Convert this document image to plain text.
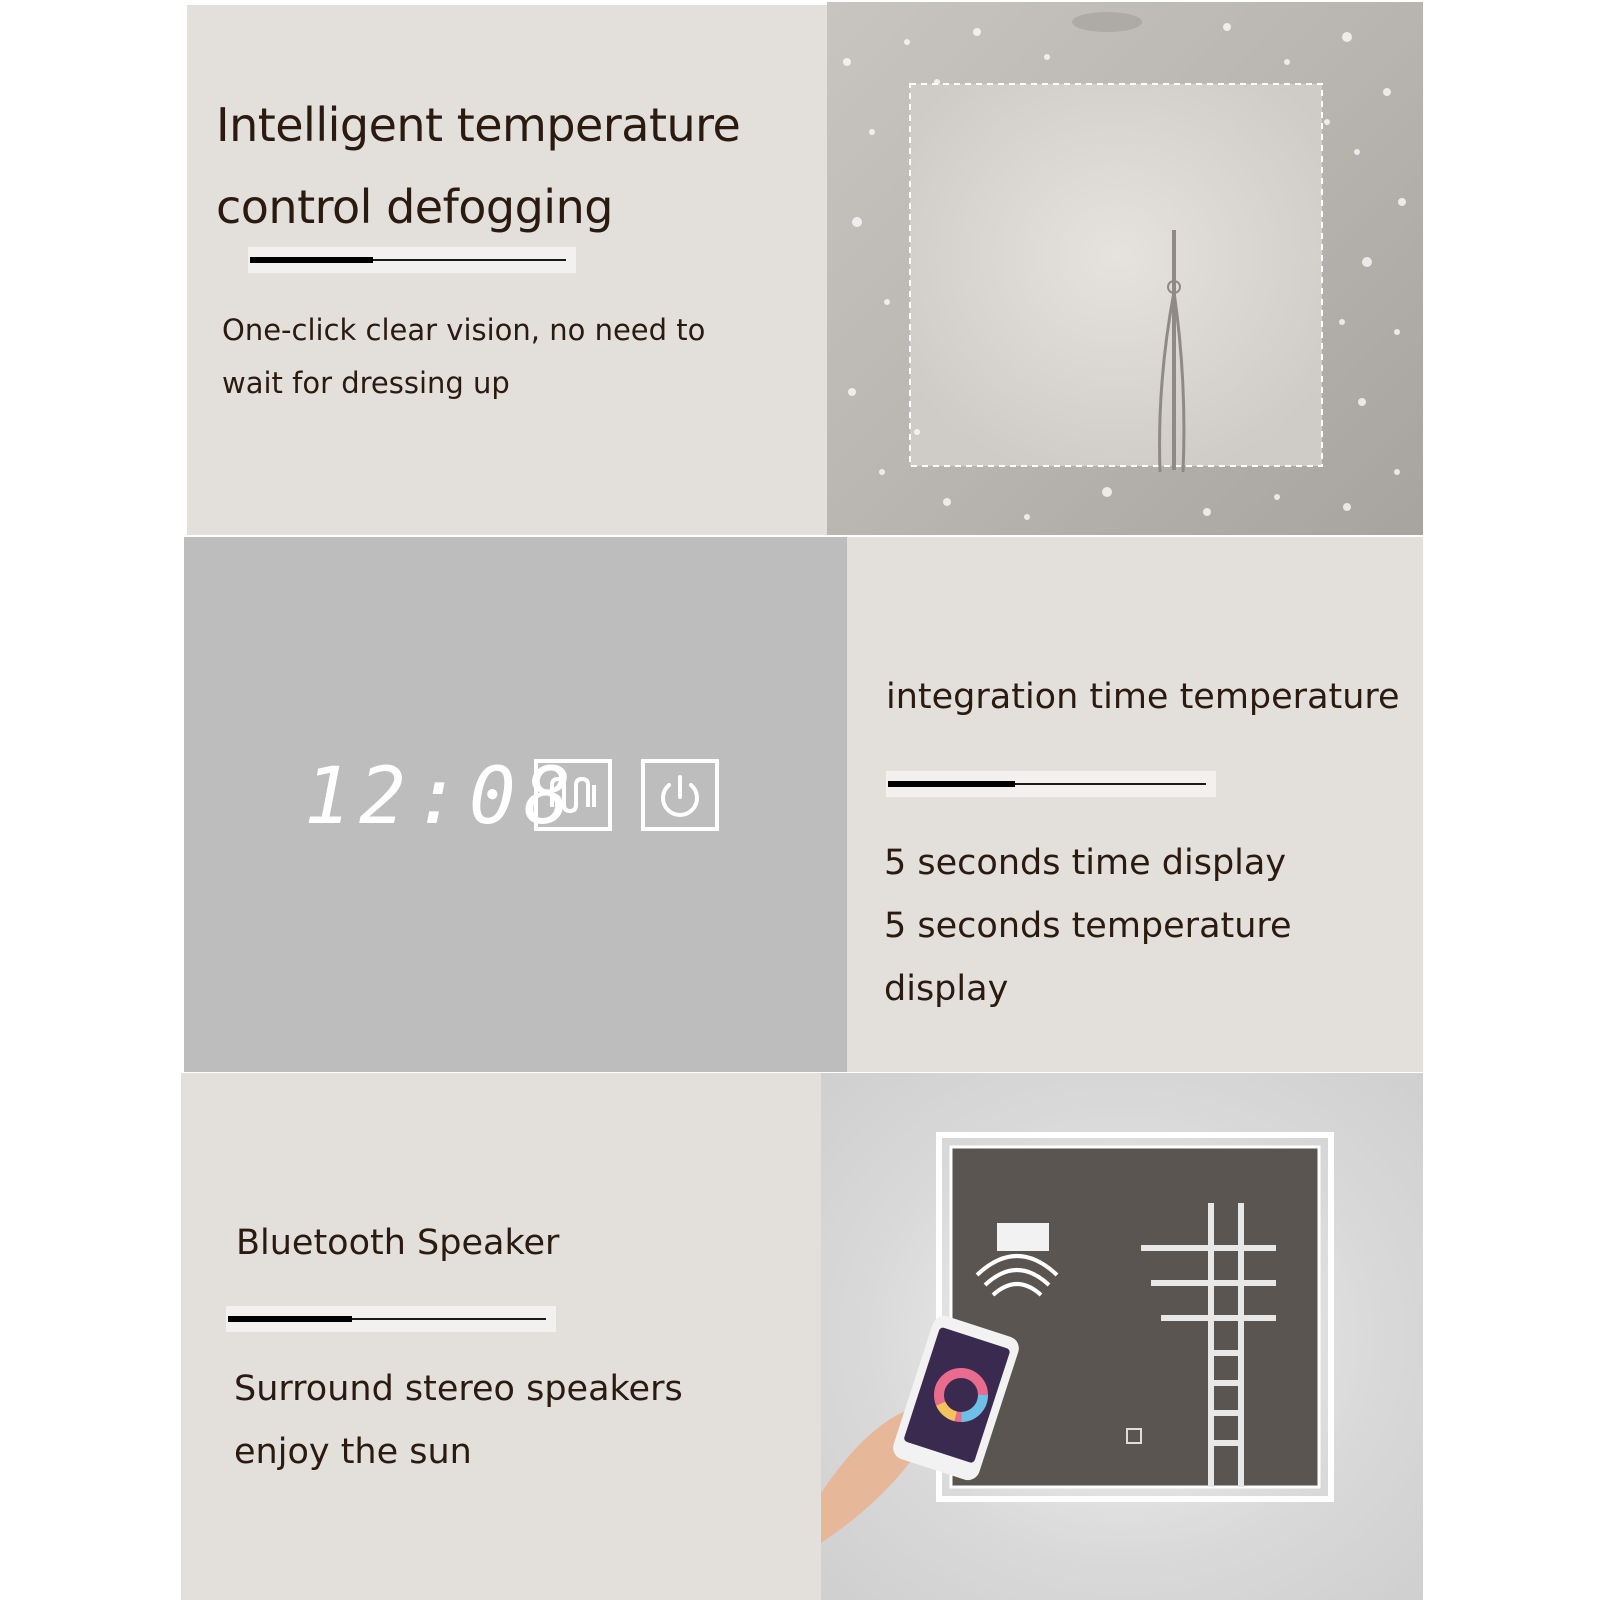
Intelligent temperature
control defogging
One-click clear vision, no need to
wait for dressing up
12:08
integration time temperature
5 seconds time display
5 seconds temperature display
Bluetooth Speaker
Surround stereo speakers
enjoy the sun
